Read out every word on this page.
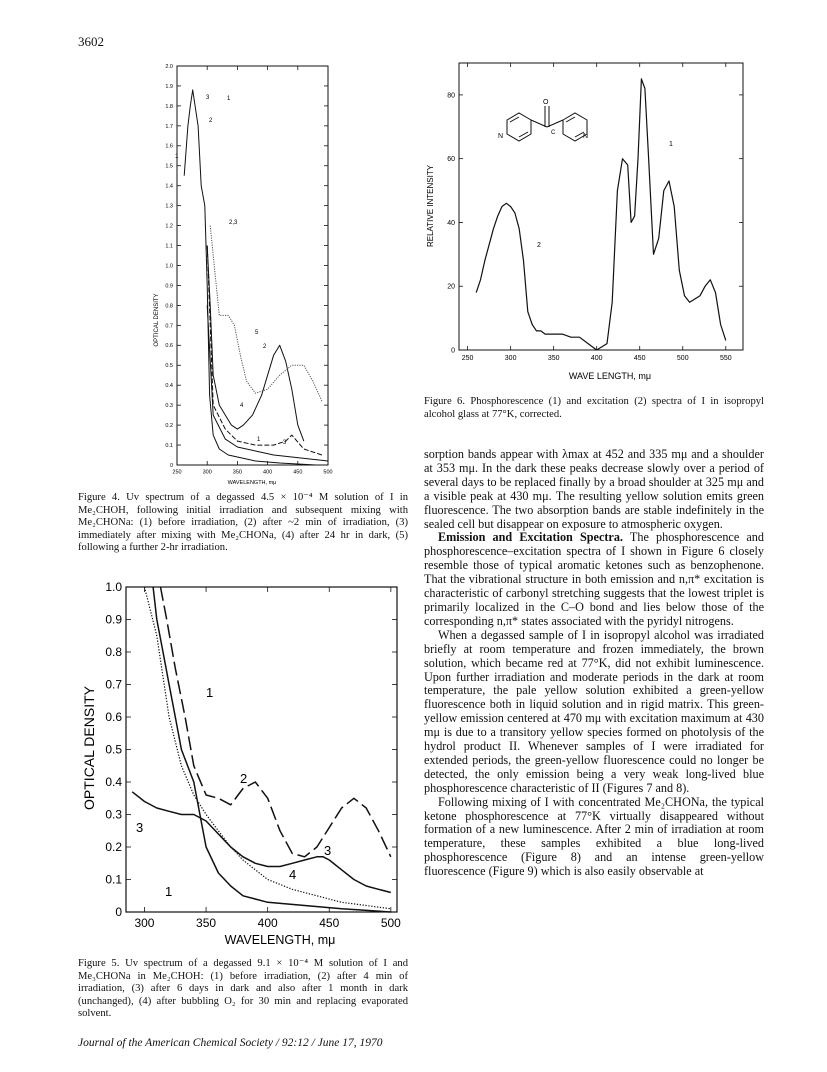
3602
0
0.1
0.2
0.3
0.4
0.5
0.6
0.7
0.8
0.9
1.0
1.1
1.2
1.3
1.4
1.5
1.6
1.7
1.8
1.9
2.0
250	300	350	400	450	500
OPTICAL DENSITY
WAVELENGTH, mμ
3	1
2
1
2,3
5
2
4
1	3
Figure 4. Uv spectrum of a degassed 4.5 × 10⁻⁴ M solution of I in Me₂CHOH, following initial irradiation and subsequent mixing with Me₂CHONa: (1) before irradiation, (2) after ~2 min of irradiation, (3) immediately after mixing with Me₂CHONa, (4) after 24 hr in dark, (5) following a further 2-hr irradiation.
0
0.1
0.2
0.3
0.4
0.5
0.6
0.7
0.8
0.9
1.0
300	350	400	450	500
OPTICAL DENSITY
WAVELENGTH, mμ
1
2
3
3
4
1
Figure 5. Uv spectrum of a degassed 9.1 × 10⁻⁴ M solution of I and Me₃CHONa in Me₂CHOH: (1) before irradiation, (2) after 4 min of irradiation, (3) after 6 days in dark and also after 1 month in dark (unchanged), (4) after bubbling O₂ for 30 min and replacing evaporated solvent.
0
20
40
60
80
250	300	350	400	450	500	550
RELATIVE INTENSITY
WAVE LENGTH, mμ
1
2
O
C
N	N
Figure 6. Phosphorescence (1) and excitation (2) spectra of I in isopropyl alcohol glass at 77°K, corrected.

sorption bands appear with λmax at 452 and 335 mμ and a shoulder at 353 mμ. In the dark these peaks decrease slowly over a period of several days to be replaced finally by a broad shoulder at 325 mμ and a visible peak at 430 mμ. The resulting yellow solution emits green fluorescence. The two absorption bands are stable indefinitely in the sealed cell but disappear on exposure to atmospheric oxygen.

Emission and Excitation Spectra. The phosphorescence and phosphorescence–excitation spectra of I shown in Figure 6 closely resemble those of typical aromatic ketones such as benzophenone. That the vibrational structure in both emission and n,π* excitation is characteristic of carbonyl stretching suggests that the lowest triplet is primarily localized in the C–O bond and lies below those of the corresponding n,π* states associated with the pyridyl nitrogens.

When a degassed sample of I in isopropyl alcohol was irradiated briefly at room temperature and frozen immediately, the brown solution, which became red at 77°K, did not exhibit luminescence. Upon further irradiation and moderate periods in the dark at room temperature, the pale yellow solution exhibited a green-yellow fluorescence both in liquid solution and in rigid matrix. This green-yellow emission centered at 470 mμ with excitation maximum at 430 mμ is due to a transitory yellow species formed on photolysis of the hydrol product II. Whenever samples of I were irradiated for extended periods, the green-yellow fluorescence could no longer be detected, the only emission being a very weak long-lived blue phosphorescence characteristic of II (Figures 7 and 8).

Following mixing of I with concentrated Me₂CHONa, the typical ketone phosphorescence at 77°K virtually disappeared without formation of a new luminescence. After 2 min of irradiation at room temperature, these samples exhibited a blue long-lived phosphorescence (Figure 8) and an intense green-yellow fluorescence (Figure 9) which is also easily observable at

Journal of the American Chemical Society / 92:12 / June 17, 1970
